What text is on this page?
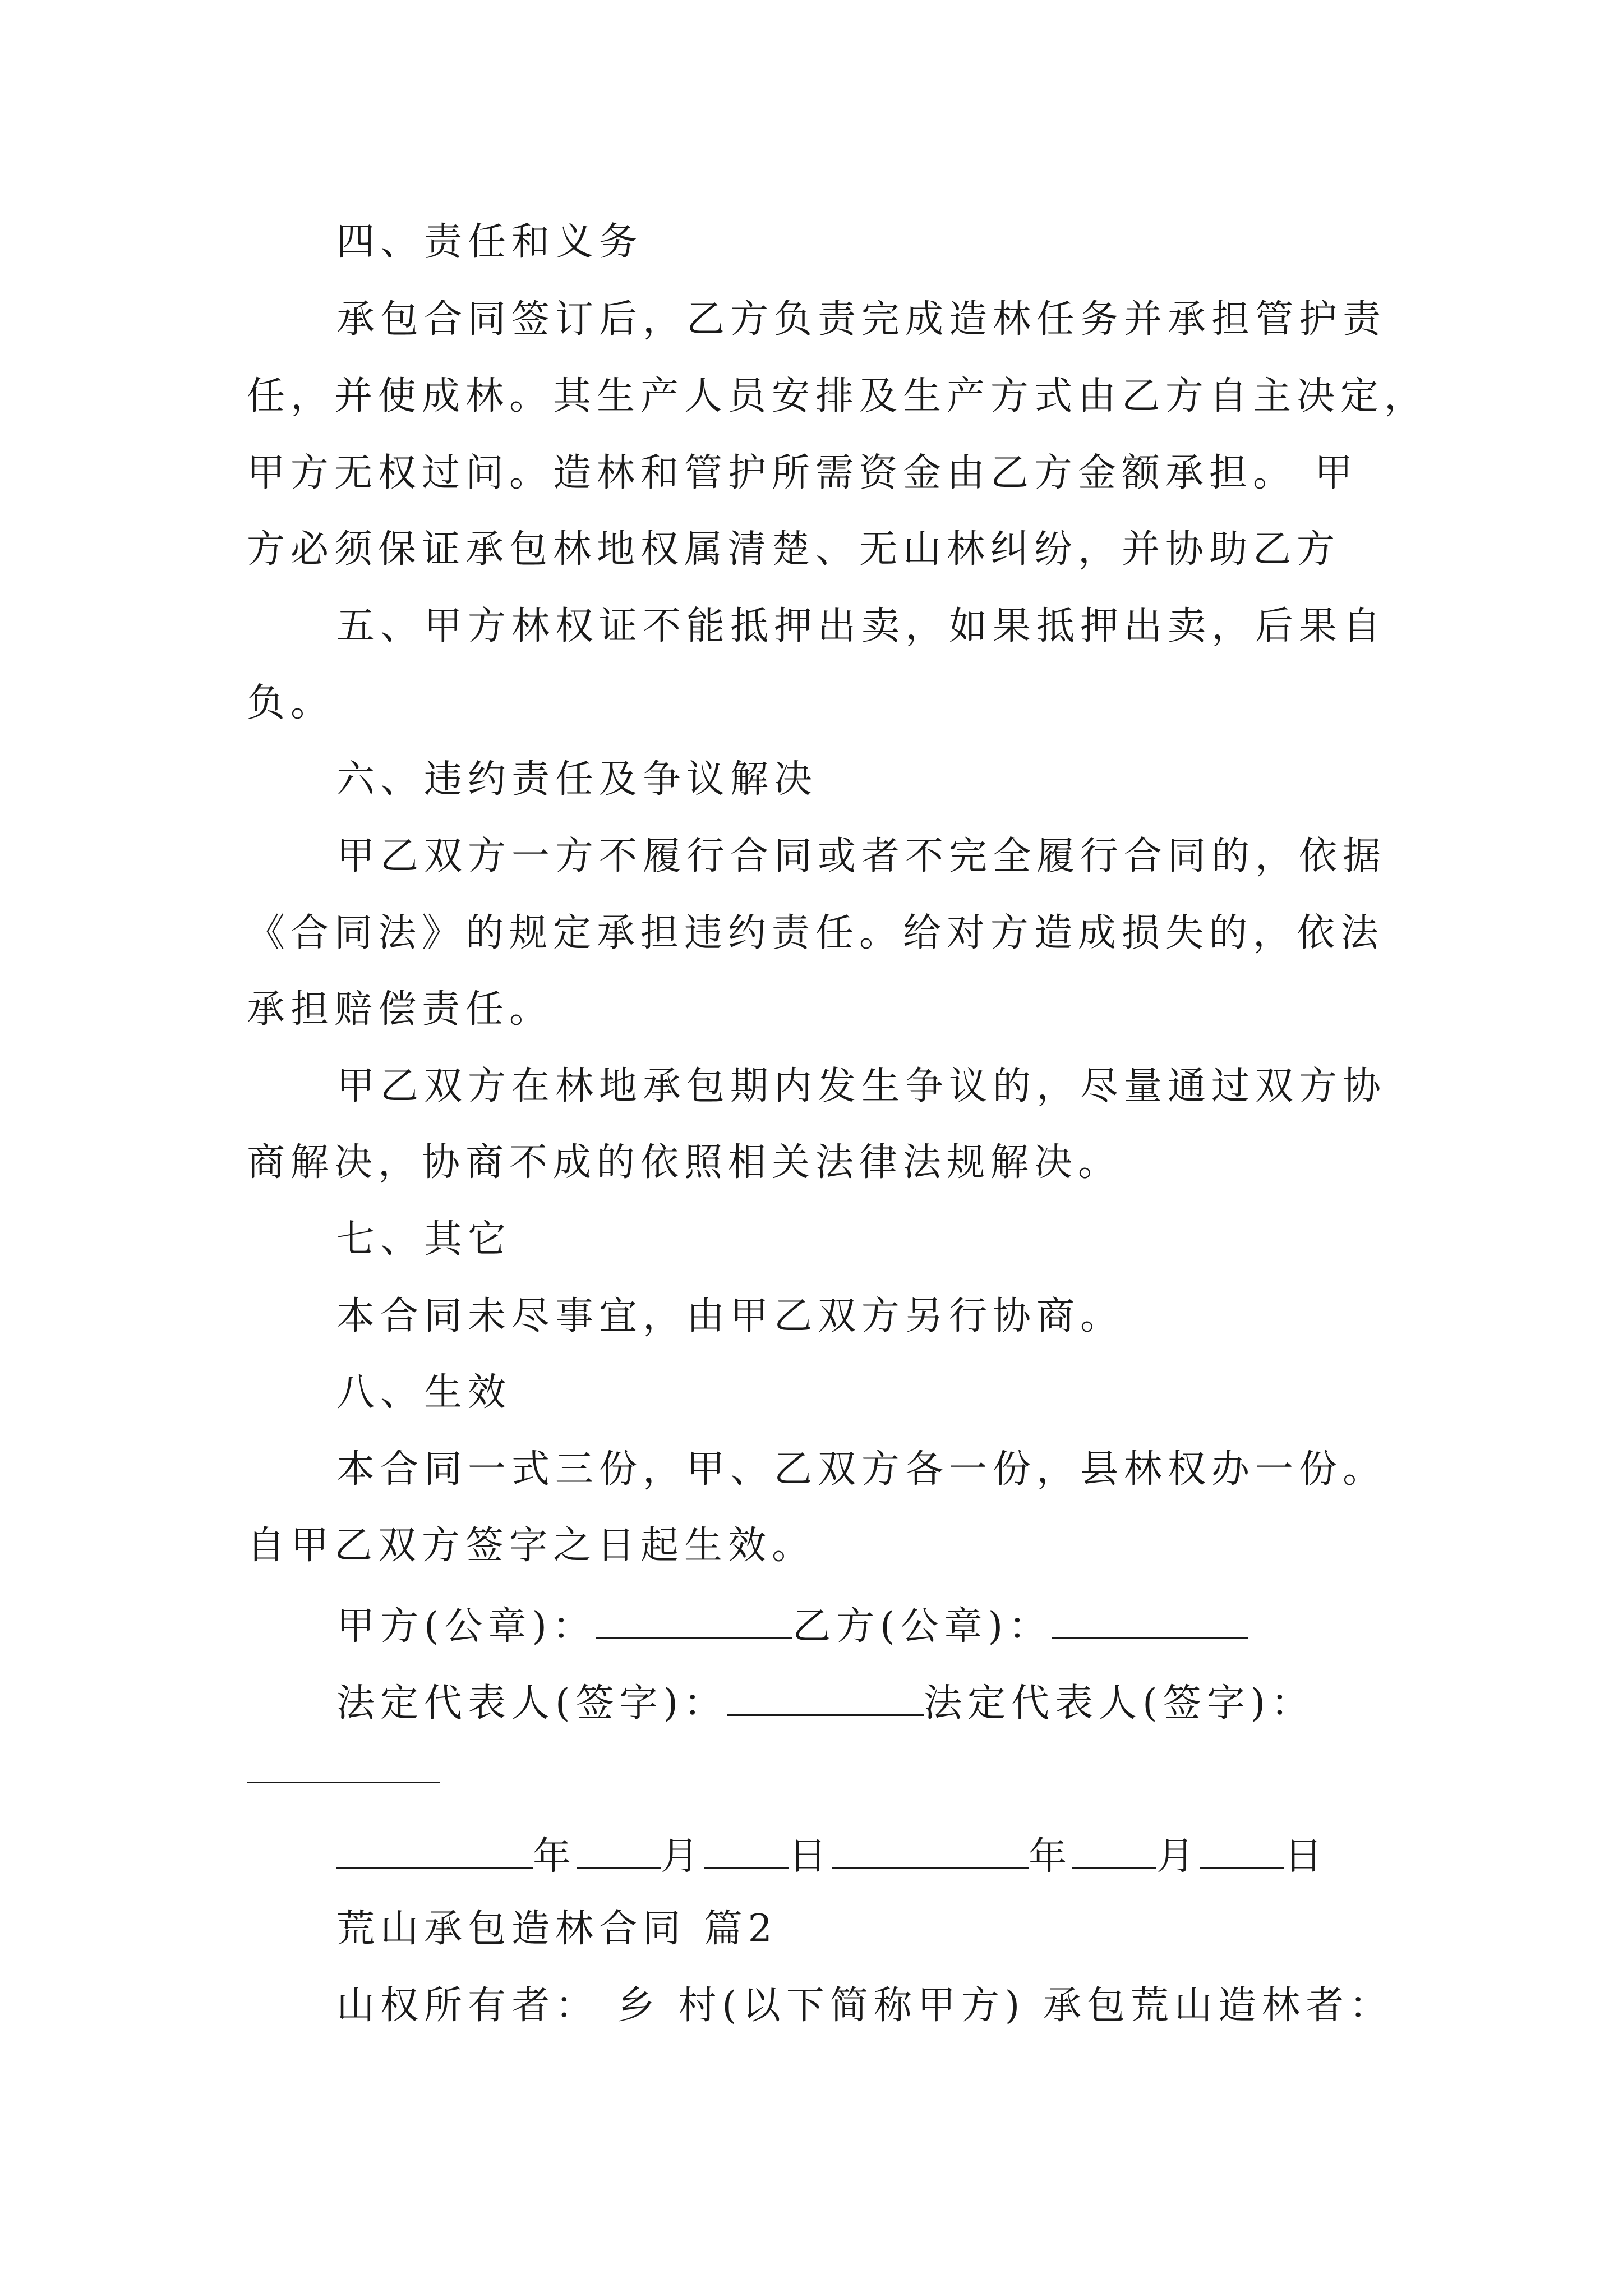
四、责任和义务
承包合同签订后，乙方负责完成造林任务并承担管护责
任，并使成林。其生产人员安排及生产方式由乙方自主决定，
甲方无权过问。造林和管护所需资金由乙方金额承担。 甲
方必须保证承包林地权属清楚、无山林纠纷，并协助乙方
五、甲方林权证不能抵押出卖，如果抵押出卖，后果自
负。
六、违约责任及争议解决
甲乙双方一方不履行合同或者不完全履行合同的，依据
《合同法》的规定承担违约责任。给对方造成损失的，依法
承担赔偿责任。
甲乙双方在林地承包期内发生争议的，尽量通过双方协
商解决，协商不成的依照相关法律法规解决。
七、其它
本合同未尽事宜，由甲乙双方另行协商。
八、生效
本合同一式三份，甲、乙双方各一份，县林权办一份。
自甲乙双方签字之日起生效。
甲方(公章)：	乙方(公章)：
法定代表人(签字)：	法定代表人(签字)：
年 月 日	年 月 日
荒山承包造林合同 篇2
山权所有者： 乡 村(以下简称甲方) 承包荒山造林者：
